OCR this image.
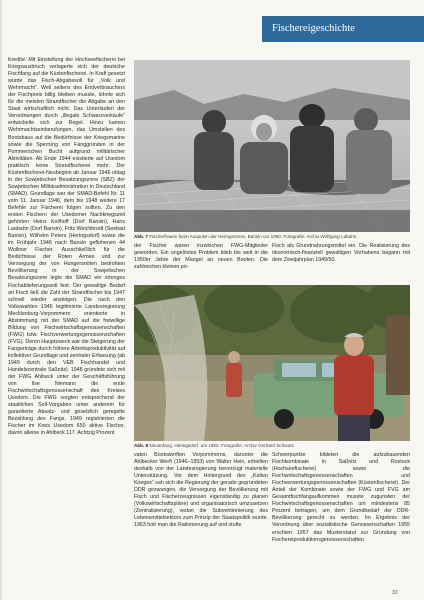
Fischereigeschichte

Kredite. Mit Einstellung der Hochseefischerei bei Kriegsausbruch verlagerte sich der deutsche Fischfang auf die Küstenfischerei. In Kraft gesetzt wurde das Fisch-Abgabesoll für „Volk und Wehrmacht“. Weil seitens des Endverbrauchers der Fischpreis billig bleiben musste, lohnte sich für die meisten Strandfischer die Abgabe an den Staat wirtschaftlich nicht. Das Unterlaufen der Verordnungen durch „illegale Schwarzverkäufe“ entwickelte sich zur Regel. Hinzu kamen Wehrmachtseinberufungen, das Umstellen des Bootsbaus auf die Bedürfnisse der Kriegsmarine sowie die Sperrung von Fanggründen in der Pommerschen Bucht aufgrund militärischer Aktivitäten. Ab Ende 1944 existierte auf Usedom praktisch keine Strandfischerei mehr. Der Küstenfischerei-Neubeginn ab Januar 1946 oblag in der Sowjetischen Besatzungszone (SBZ) der Sowjetischen Militäradministration in Deutschland (SMAD). Grundlage war der SMAD-Befehl Nr. 11 vom 11. Januar 1946, dem bis 1948 weitere 17 Befehle zur Fischerei folgen sollten. Zu den ersten Fischern der Usedomer Nachkriegszeit gehörten Heinz Kollhoff (Dorf Bansin), Hans Laabahn (Dorf Bansin), Fritz Weichbrodt (Seebad Bansin), Wilhelm Peters (Heringsdorf) sowie die im Frühjahr 1946 nach Bansin geflohenen 44 Wolliner Fischer. Ausschließlich für die Bedürfnisse der Roten Armee und zur Versorgung der von Hungersnöten bedrohten Bevölkerung in der Sowjetischen Besatzungszone legte die SMAD ein strenges Fischablieferungssoll fest. Der gewaltige Bedarf an Fisch ließ die Zahl der Strandfischer bis 1947 schnell wieder ansteigen. Die nach den Volkswahlen 1946 legitimierte Landesregierung Mecklenburg-Vorpommern orientierte in Abstimmung mit der SMAD auf die freiwillige Bildung von Fischwirtschaftsgenossenschaften (FWG) bzw. Fischverwertungsgenossenschaften (FVG). Deren Hauptzweck war die Steigerung der Fangerträge durch höhere Arbeitsproduktivität auf kollektiver Grundlage und zentraler Erfassung (ab 1949 durch den VEB Fischhandel und Handelszentrale Saßnitz). 1948 gründete sich mit der FWG Ahlbeck unter der Geschäftsführung von Ilse Niemann die erste Fischwirtschaftsgenossenschaft des Kreises Usedom. Die FWG sorgten entsprechend der staatlichen Soll-Vorgaben unter anderem für garantierte Absatz- und gesetzlich geregelte Bezahlung des Fangs. 1949 registrierten die Fischer im Kreis Usedom 650 aktive Fischer, davon alleine in Ahlbeck 117. Achtzig Prozent

Abb. 7 Fischerfrauen beim Auspulen der Heringsnetze, Bansin um 1980. Fotografie: Archiv Wolfgang Labahn.

der Fischer waren inzwischen FWG-Mitglieder geworden. Ein ungelöstes Problem blieb bis weit in die 1950er Jahre der Mangel an neuen Booten. Die zahlreichen kleinen pri-

Fisch als Grundnahrungsmittel ein. Die Realisierung des ökonomisch-finanziell gewaltigen Vorhabens begann mit dem Zweijahrplan 1949/50.

Abb. 8 Neuanfang, Heringsdorf, um 1990. Fotografie: Archiv Gerhard Schwarz.

vaten Bootswerften Vorpommerns, darunter die Ahlbecker Werft (1946–1953) von Walter Hein, erhielten deshalb von der Landesregierung bevorzugt materielle Unterstützung. Vor dem Hintergrund des „Kalten Krieges“ sah sich die Regierung der gerade gegründeten DDR gezwungen, die Versorgung der Bevölkerung mit Fisch und Fischerzeugnissen eigenständig zu planen (Volkswirtschaftspläne) und organisatorisch umzusetzen (Zentralisierung), wobei die Subventionierung des Lebensmittelsektors zum Prinzip der Staatspolitik wurde. 1953 hob man die Rationierung auf und stufte

Schwerpunkte bildeten die aufzubauenden Fischkombinate in Saßnitz und Rostock (Hochseefischerei) sowie die Fischwirtschaftsgenossenschaften und Fischverwertungsgenossenschaften (Küstenfischerei). Der Anteil der Kombinate sowie der FWG und FVG am Gesamtfischfangaufkommen musste zugunsten der Fischwirtschaftsgenossenschaften um mindestens 85 Prozent betragen, um dem Grundbedarf der DDR-Bevölkerung gerecht zu werden. Im Ergebnis der Verordnung über sozialistische Genossenschaften 1955 erschien 1957 das Musterstatut zur Gründung von Fischereiproduktionsgenossenschaften

33
